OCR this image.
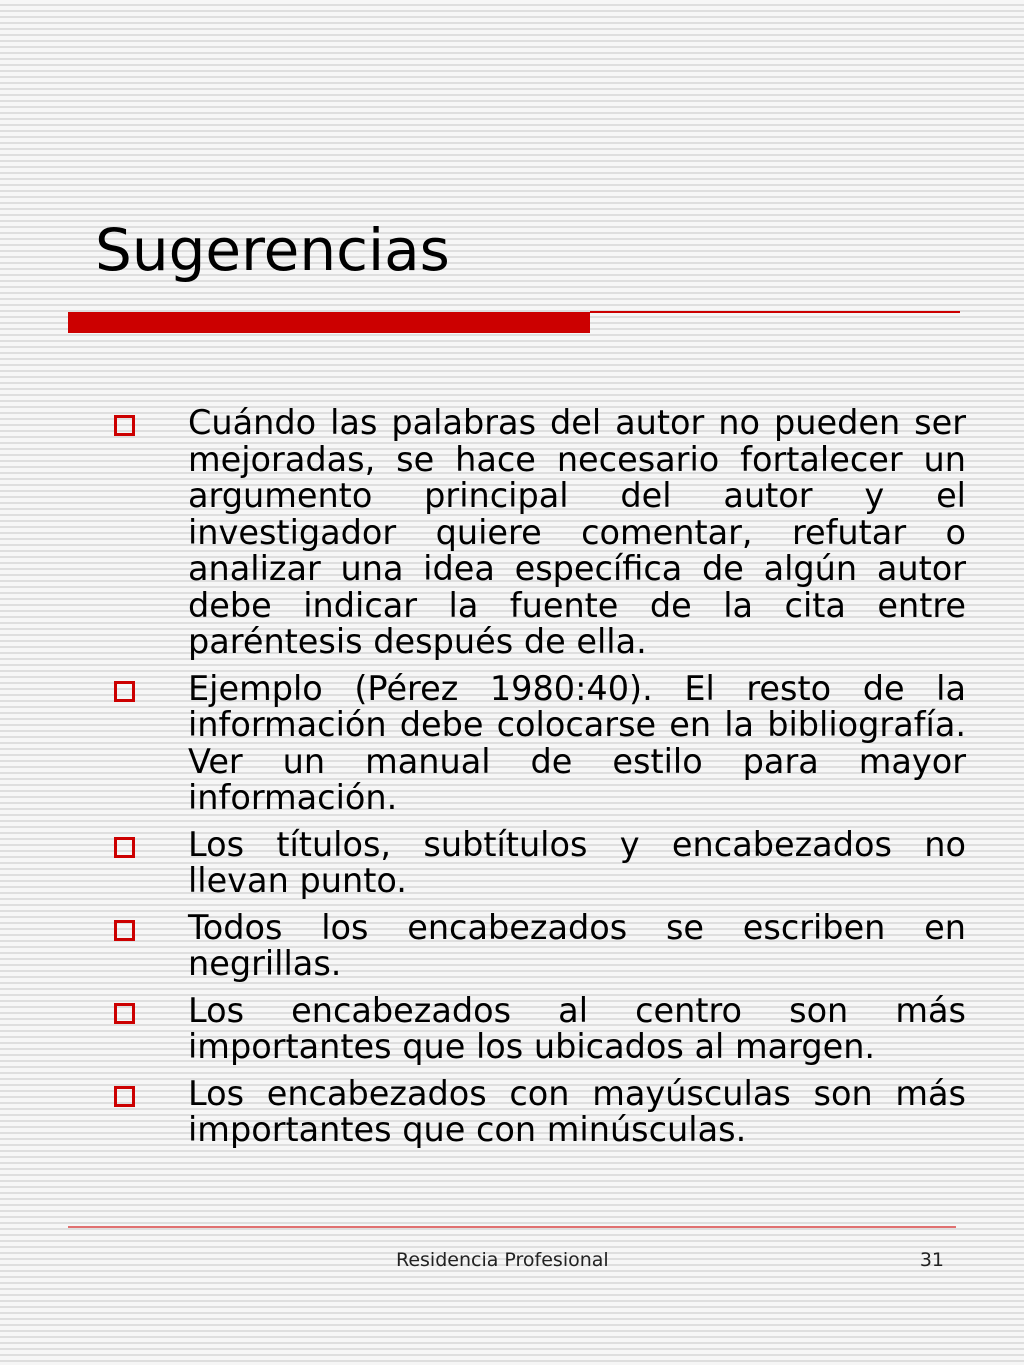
Sugerencias
Cuándo las palabras del autor no pueden ser mejoradas, se hace necesario fortalecer un argumento principal del autor y el investigador quiere comentar, refutar o analizar una idea específica de algún autor debe indicar la fuente de la cita entre paréntesis después de ella.
Ejemplo (Pérez 1980:40). El resto de la información debe colocarse en la bibliografía. Ver un manual de estilo para mayor información.
Los títulos, subtítulos y encabezados no llevan punto.
Todos los encabezados se escriben en negrillas.
Los encabezados al centro son más importantes que los ubicados al margen.
Los encabezados con mayúsculas son más importantes que con minúsculas.
Residencia Profesional	31
